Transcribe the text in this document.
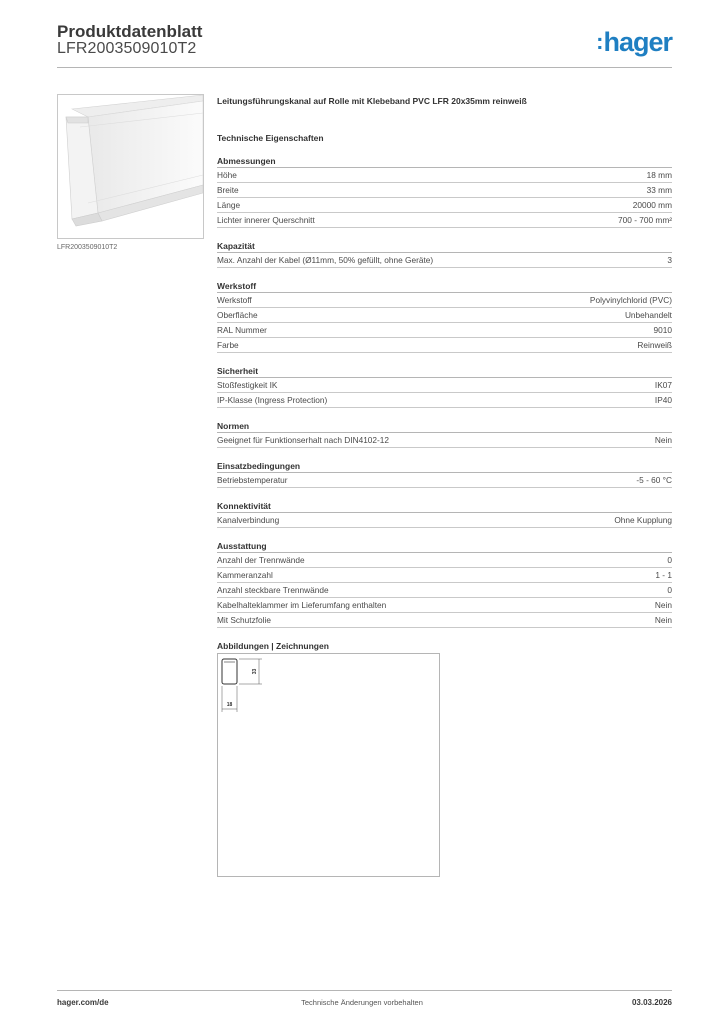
Produktdatenblatt
LFR2003509010T2	:hager
LFR2003509010T2
Leitungsführungskanal auf Rolle mit Klebeband PVC LFR 20x35mm reinweiß
Technische Eigenschaften
Abmessungen
Höhe	18 mm
Breite	33 mm
Länge	20000 mm
Lichter innerer Querschnitt	700 - 700 mm²
Kapazität
Max. Anzahl der Kabel (Ø11mm, 50% gefüllt, ohne Geräte)	3
Werkstoff
Werkstoff	Polyvinylchlorid (PVC)
Oberfläche	Unbehandelt
RAL Nummer	9010
Farbe	Reinweiß
Sicherheit
Stoßfestigkeit IK	IK07
IP-Klasse (Ingress Protection)	IP40
Normen
Geeignet für Funktionserhalt nach DIN4102-12	Nein
Einsatzbedingungen
Betriebstemperatur	-5 - 60 °C
Konnektivität
Kanalverbindung	Ohne Kupplung
Ausstattung
Anzahl der Trennwände	0
Kammeranzahl	1 - 1
Anzahl steckbare Trennwände	0
Kabelhalteklammer im Lieferumfang enthalten	Nein
Mit Schutzfolie	Nein
Abbildungen | Zeichnungen
33
18
hager.com/de	Technische Änderungen vorbehalten	03.03.2026
